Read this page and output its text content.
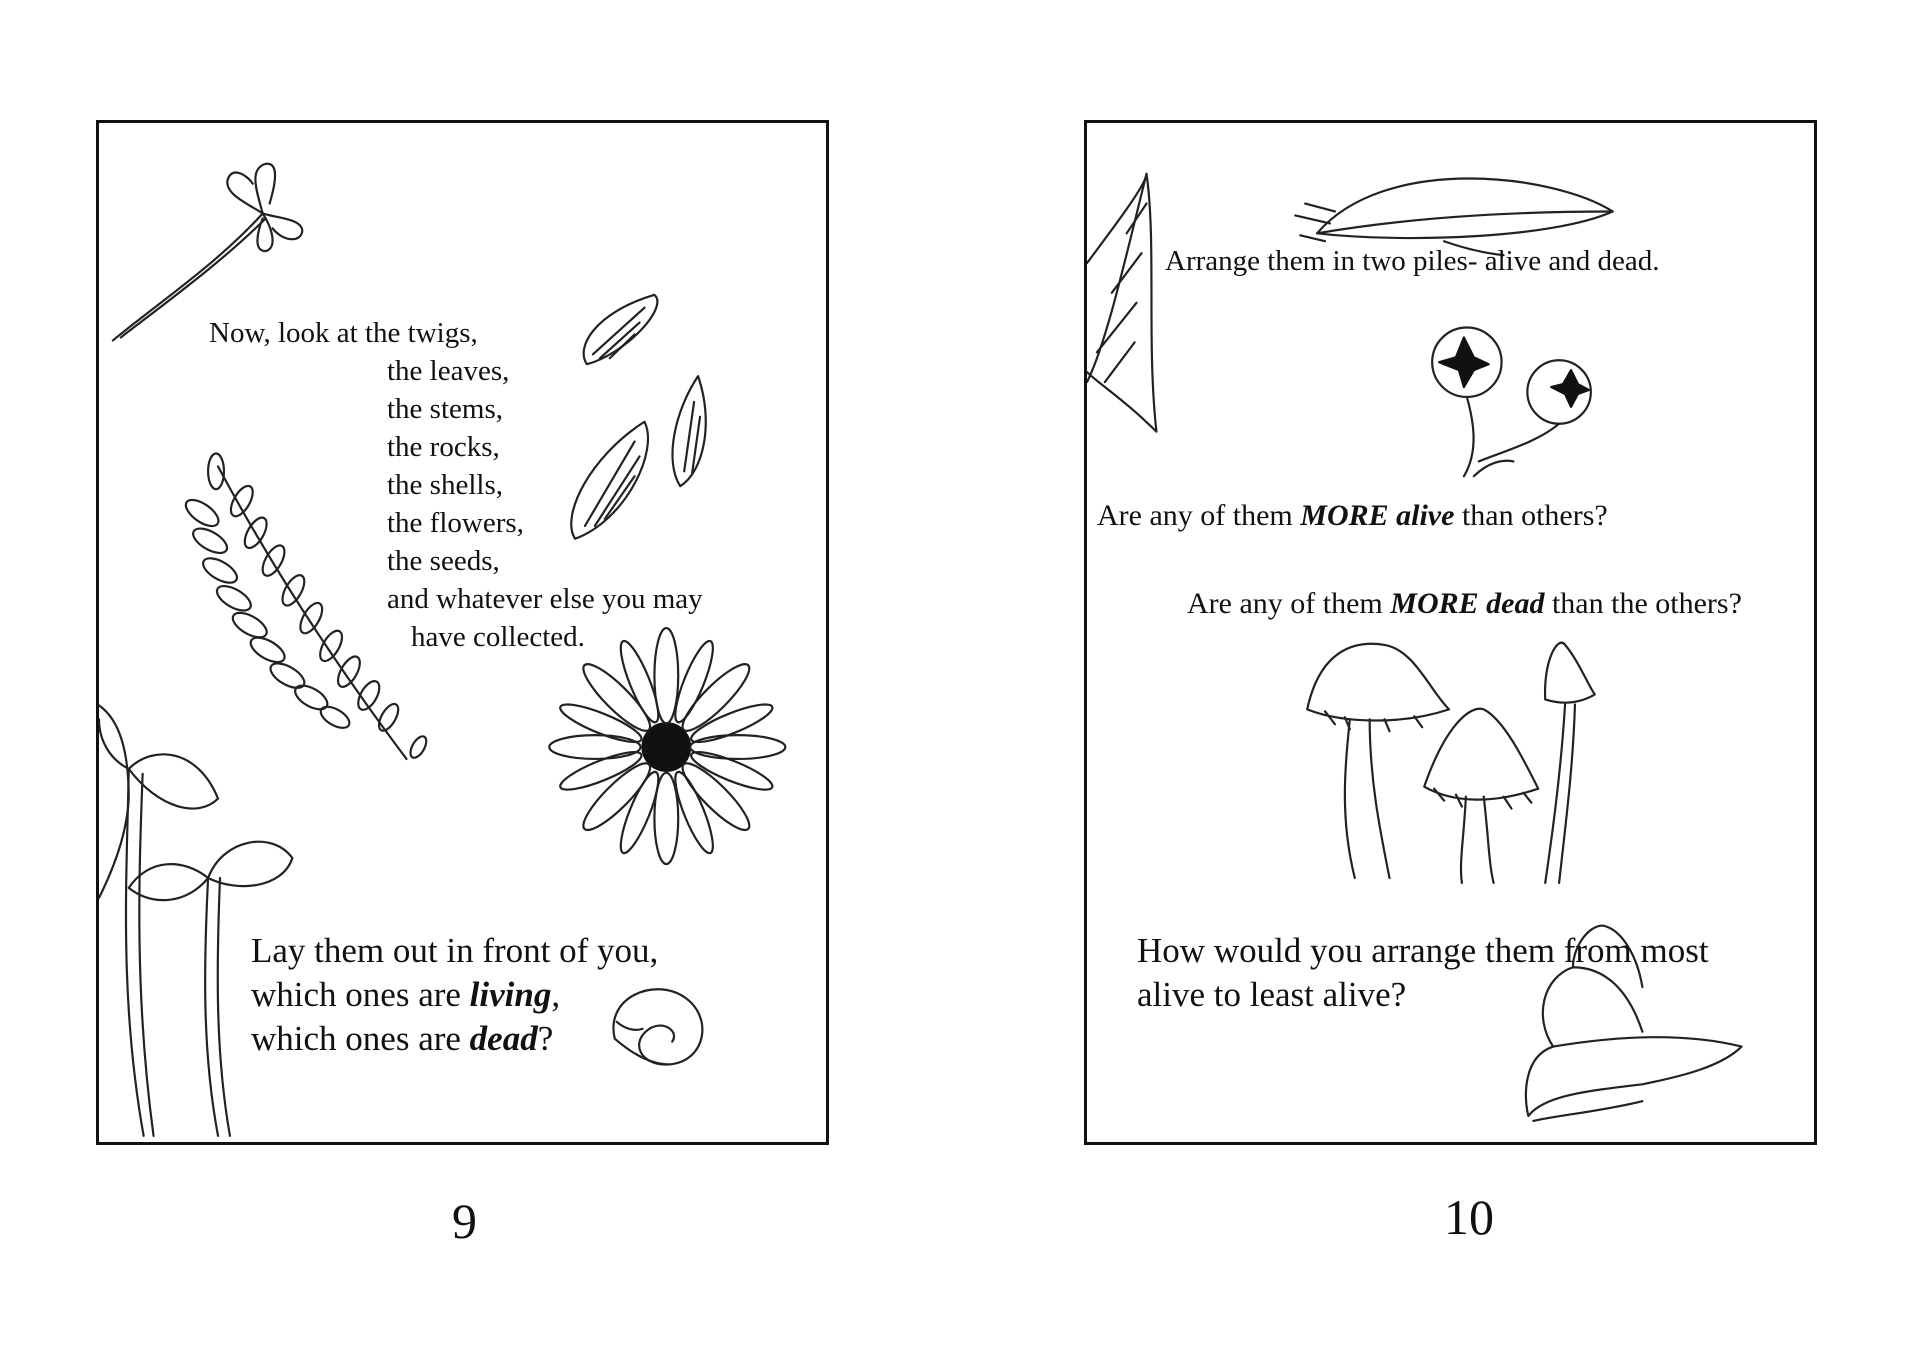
Now, look at the twigs,
the leaves,
the stems,
the rocks,
the shells,
the flowers,
the seeds,
and whatever else you may
have collected.
Lay them out in front of you,
which ones are living,
which ones are dead?
Arrange them in two piles- alive and dead.
Are any of them MORE alive than others?
Are any of them MORE dead than the others?
How would you arrange them from most
alive to least alive?
9	10
